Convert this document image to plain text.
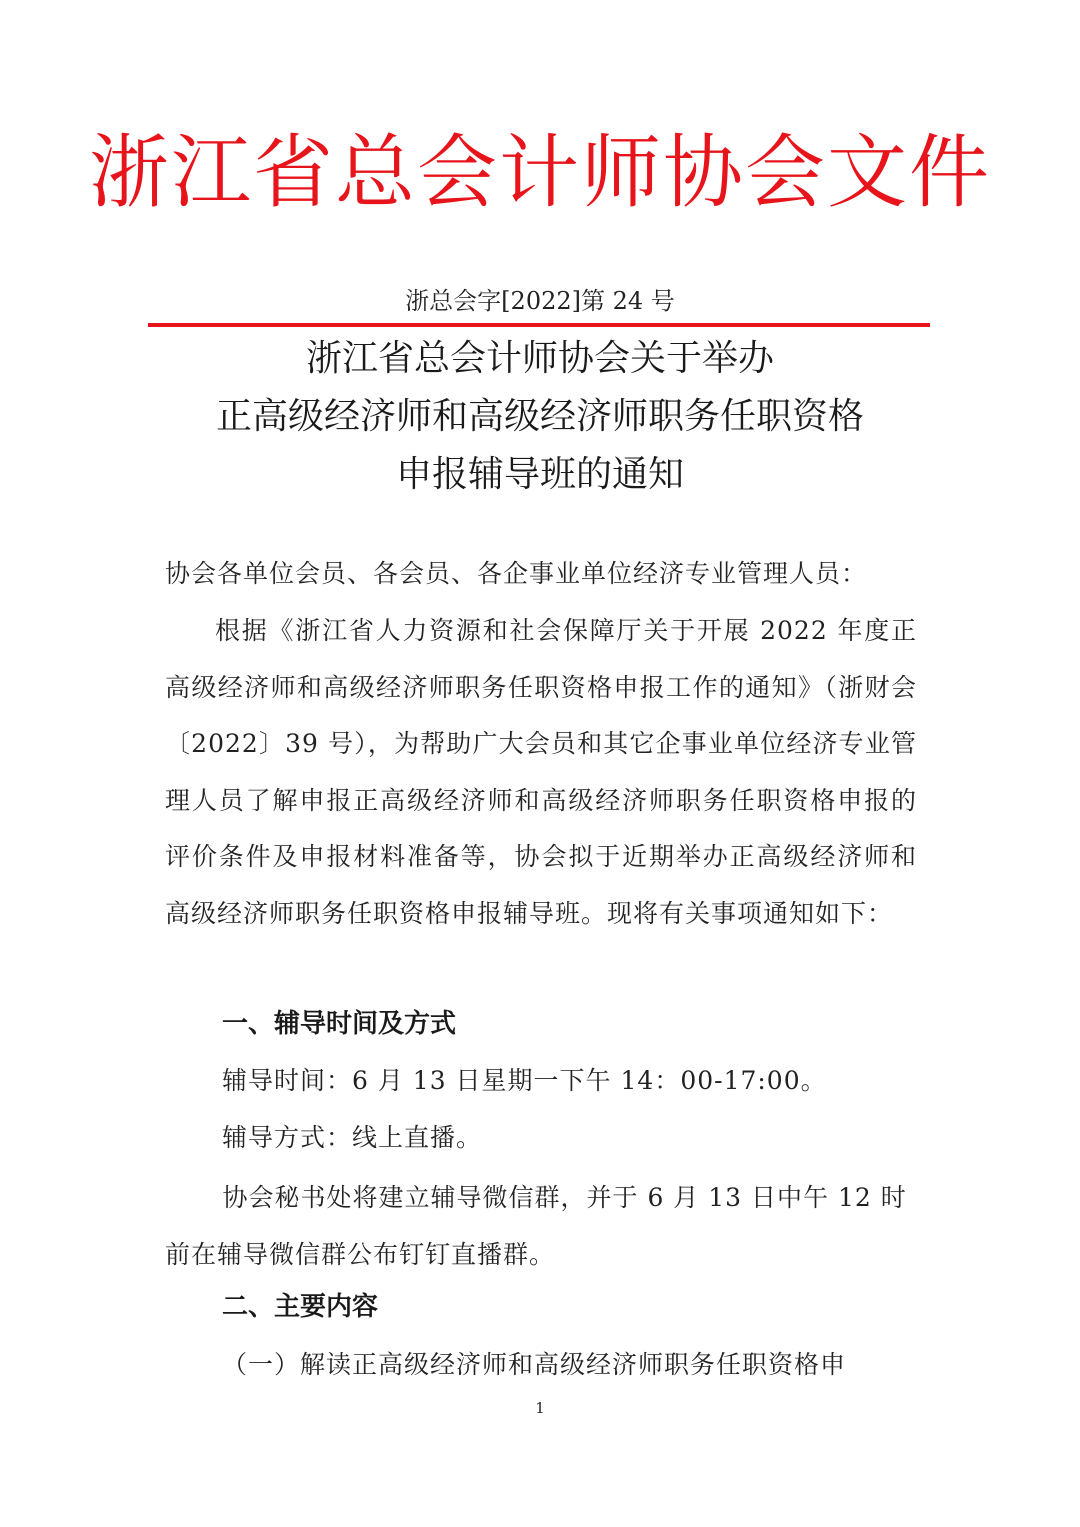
浙江省总会计师协会文件
浙总会字[2022]第 24 号
浙江省总会计师协会关于举办
正高级经济师和高级经济师职务任职资格
申报辅导班的通知
协会各单位会员、各会员、各企事业单位经济专业管理人员：
根据《浙江省人力资源和社会保障厅关于开展 2022 年度正高级经济师和高级经济师职务任职资格申报工作的通知》（浙财会〔2022〕39 号），为帮助广大会员和其它企事业单位经济专业管理人员了解申报正高级经济师和高级经济师职务任职资格申报的评价条件及申报材料准备等，协会拟于近期举办正高级经济师和高级经济师职务任职资格申报辅导班。现将有关事项通知如下：
一、辅导时间及方式
辅导时间：6 月 13 日星期一下午 14：00-17:00。
辅导方式：线上直播。
协会秘书处将建立辅导微信群，并于 6 月 13 日中午 12 时前在辅导微信群公布钉钉直播群。
二、主要内容
（一）解读正高级经济师和高级经济师职务任职资格申
1
